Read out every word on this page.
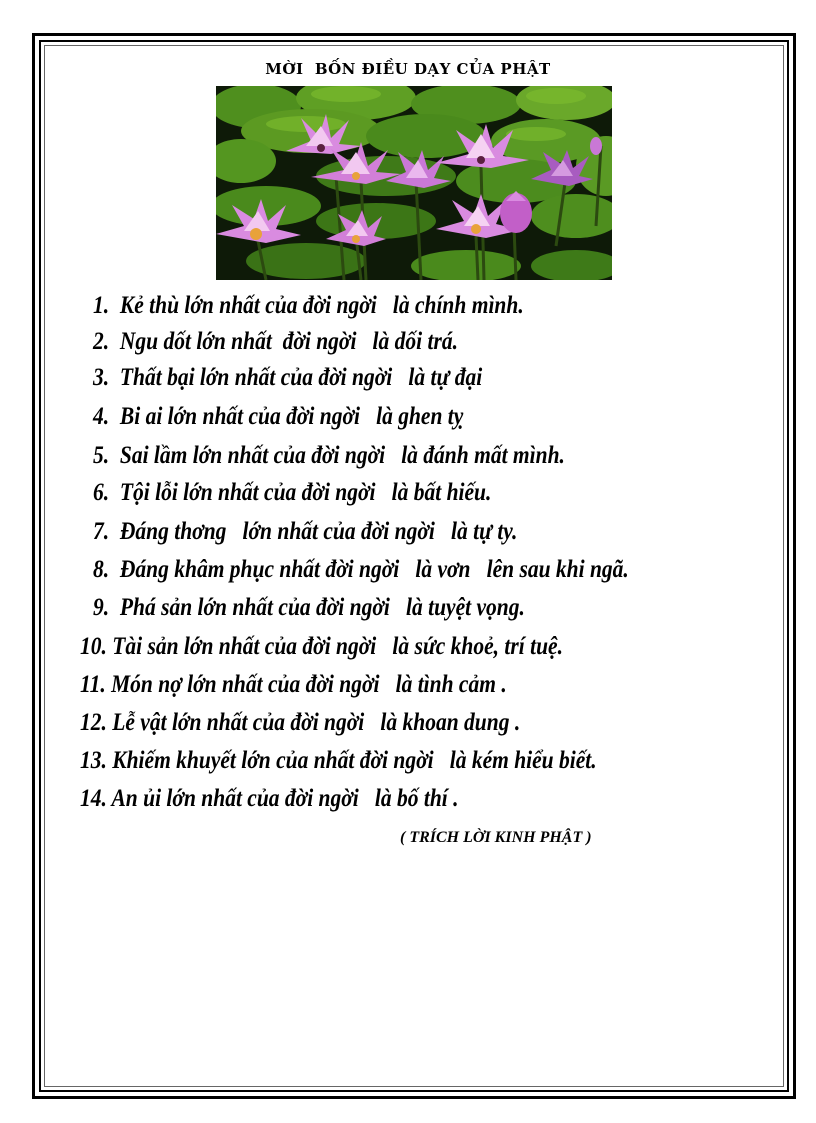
MỜI  BỐN ĐIỀU DẠY CỦA PHẬT
1. Kẻ thù lớn nhất của đời ngời   là chính mình.
2. Ngu dốt lớn nhất  đời ngời   là dối trá.
3. Thất bại lớn nhất của đời ngời   là tự đại
4. Bi ai lớn nhất của đời ngời   là ghen tỵ
5. Sai lầm lớn nhất của đời ngời   là đánh mất mình.
6. Tội lỗi lớn nhất của đời ngời   là bất hiếu.
7. Đáng thơng   lớn nhất của đời ngời   là tự ty.
8. Đáng khâm phục nhất đời ngời   là vơn   lên sau khi ngã.
9. Phá sản lớn nhất của đời ngời   là tuyệt vọng.
10. Tài sản lớn nhất của đời ngời   là sức khoẻ, trí tuệ.
11. Món nợ lớn nhất của đời ngời   là tình cảm .
12. Lễ vật lớn nhất của đời ngời   là khoan dung .
13. Khiếm khuyết lớn của nhất đời ngời   là kém hiểu biết.
14. An ủi lớn nhất của đời ngời   là bố thí .
( TRÍCH LỜI KINH PHẬT )
